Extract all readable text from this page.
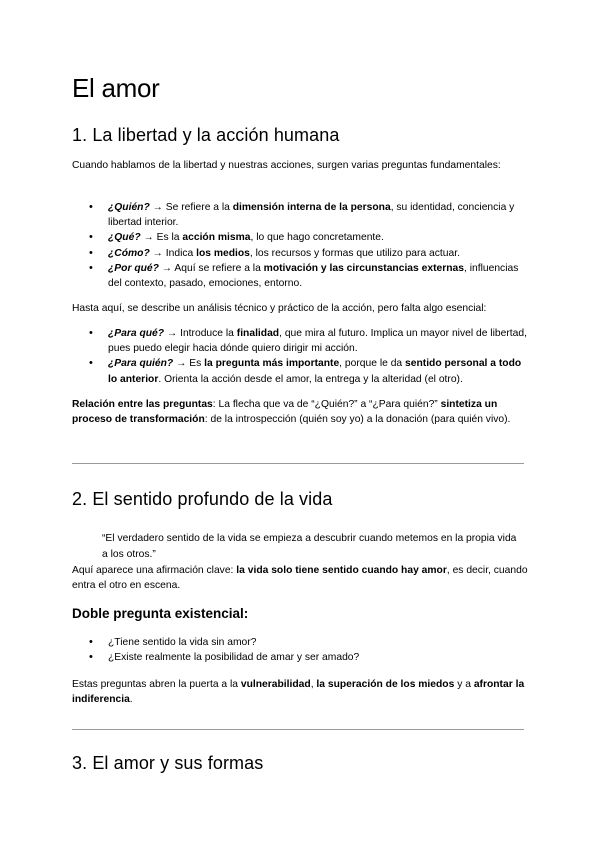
El amor
1. La libertad y la acción humana

Cuando hablamos de la libertad y nuestras acciones, surgen varias preguntas fundamentales:

• ¿Quién? → Se refiere a la dimensión interna de la persona, su identidad, conciencia y libertad interior.
• ¿Qué? → Es la acción misma, lo que hago concretamente.
• ¿Cómo? → Indica los medios, los recursos y formas que utilizo para actuar.
• ¿Por qué? → Aquí se refiere a la motivación y las circunstancias externas, influencias del contexto, pasado, emociones, entorno.

Hasta aquí, se describe un análisis técnico y práctico de la acción, pero falta algo esencial:

• ¿Para qué? → Introduce la finalidad, que mira al futuro. Implica un mayor nivel de libertad, pues puedo elegir hacia dónde quiero dirigir mi acción.
• ¿Para quién? → Es la pregunta más importante, porque le da sentido personal a todo lo anterior. Orienta la acción desde el amor, la entrega y la alteridad (el otro).

Relación entre las preguntas: La flecha que va de “¿Quién?” a “¿Para quién?” sintetiza un proceso de transformación: de la introspección (quién soy yo) a la donación (para quién vivo).

2. El sentido profundo de la vida

“El verdadero sentido de la vida se empieza a descubrir cuando metemos en la propia vida a los otros.”

Aquí aparece una afirmación clave: la vida solo tiene sentido cuando hay amor, es decir, cuando entra el otro en escena.

Doble pregunta existencial:
• ¿Tiene sentido la vida sin amor?
• ¿Existe realmente la posibilidad de amar y ser amado?

Estas preguntas abren la puerta a la vulnerabilidad, la superación de los miedos y a afrontar la indiferencia.

3. El amor y sus formas
